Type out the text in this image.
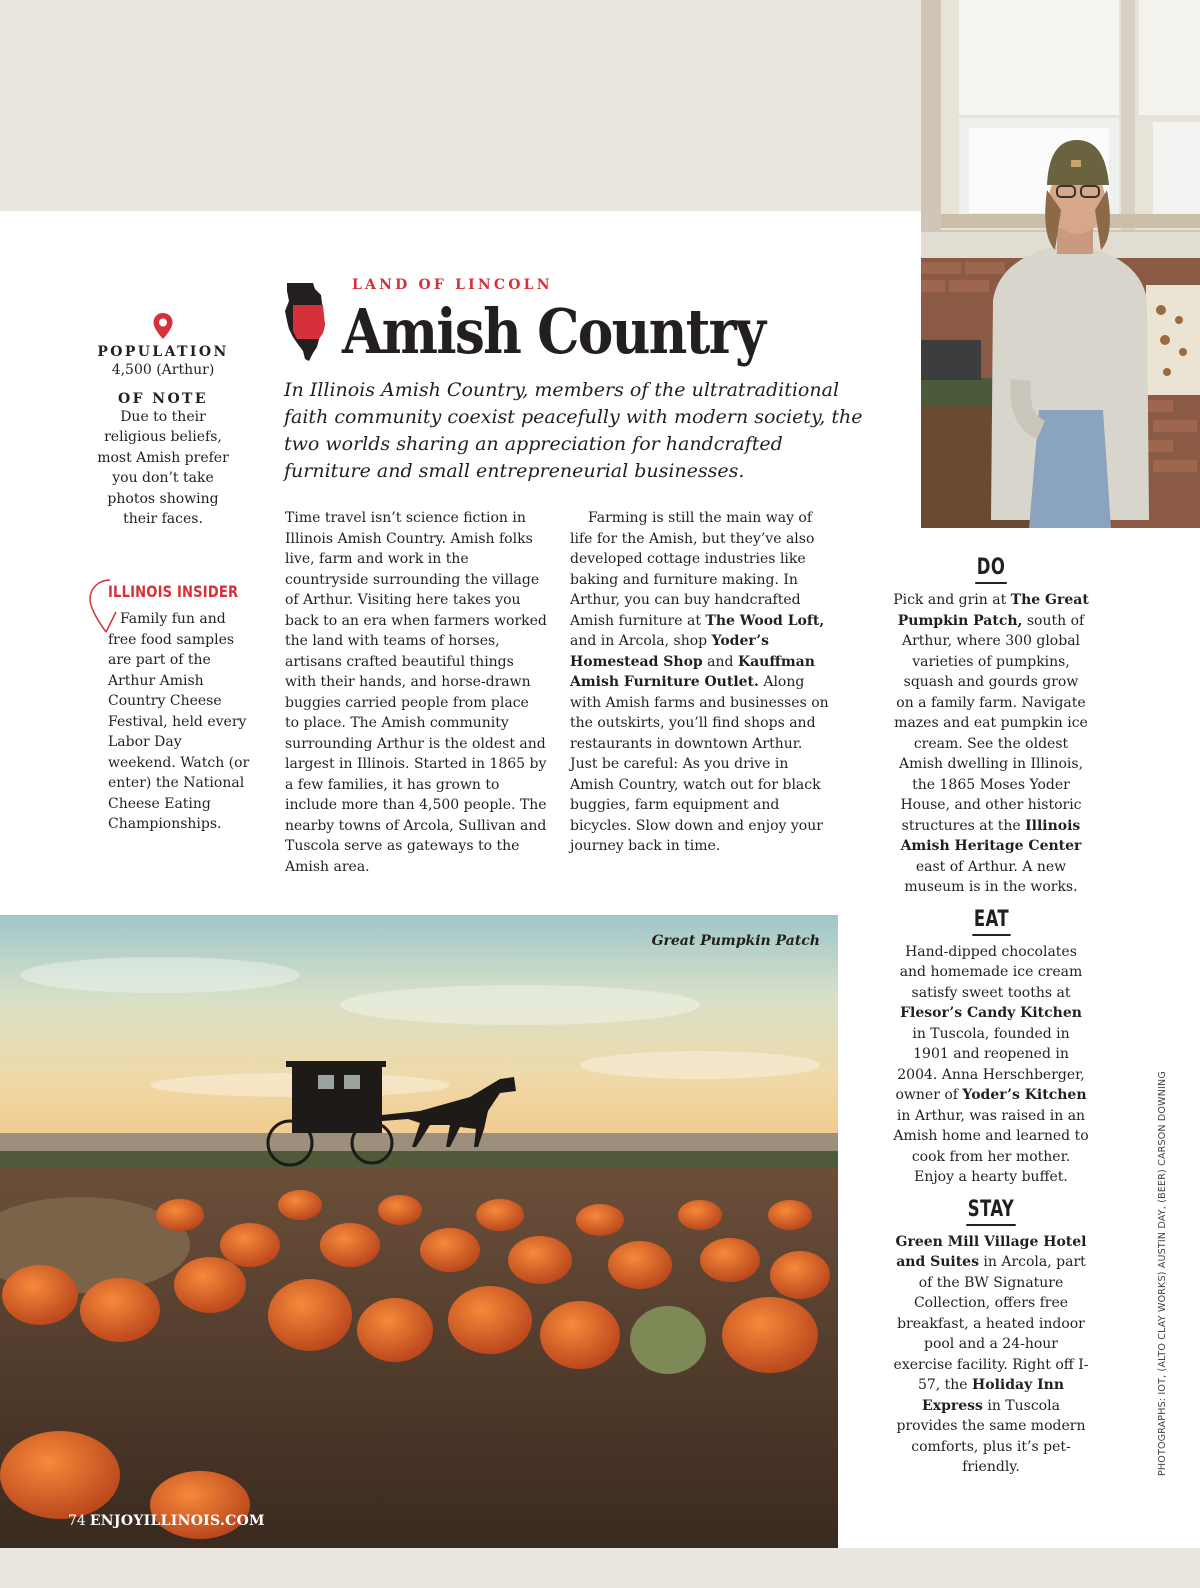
POPULATION
4,500 (Arthur)
OF NOTE
Due to their religious beliefs, most Amish prefer you don’t take photos showing their faces.
ILLINOIS INSIDER
Family fun and free food samples are part of the Arthur Amish Country Cheese Festival, held every Labor Day weekend. Watch (or enter) the National Cheese Eating Championships.
LAND OF LINCOLN
Amish Country

In Illinois Amish Country, members of the ultratraditional faith community coexist peacefully with modern society, the two worlds sharing an appreciation for handcrafted furniture and small entrepreneurial businesses.

Time travel isn’t science fiction in Illinois Amish Country. Amish folks live, farm and work in the countryside surrounding the village of Arthur. Visiting here takes you back to an era when farmers worked the land with teams of horses, artisans crafted beautiful things with their hands, and horse-drawn buggies carried people from place to place. The Amish community surrounding Arthur is the oldest and largest in Illinois. Started in 1865 by a few families, it has grown to include more than 4,500 people. The nearby towns of Arcola, Sullivan and Tuscola serve as gateways to the Amish area.
Farming is still the main way of life for the Amish, but they’ve also developed cottage industries like baking and furniture making. In Arthur, you can buy handcrafted Amish furniture at The Wood Loft, and in Arcola, shop Yoder’s Homestead Shop and Kauffman Amish Furniture Outlet. Along with Amish farms and businesses on the outskirts, you’ll find shops and restaurants in downtown Arthur. Just be careful: As you drive in Amish Country, watch out for black buggies, farm equipment and bicycles. Slow down and enjoy your journey back in time.
DO
Pick and grin at The Great Pumpkin Patch, south of Arthur, where 300 global varieties of pumpkins, squash and gourds grow on a family farm. Navigate mazes and eat pumpkin ice cream. See the oldest Amish dwelling in Illinois, the 1865 Moses Yoder House, and other historic structures at the Illinois Amish Heritage Center east of Arthur. A new museum is in the works.
EAT
Hand-dipped chocolates and homemade ice cream satisfy sweet tooths at Flesor’s Candy Kitchen in Tuscola, founded in 1901 and reopened in 2004. Anna Herschberger, owner of Yoder’s Kitchen in Arthur, was raised in an Amish home and learned to cook from her mother. Enjoy a hearty buffet.
STAY
Green Mill Village Hotel and Suites in Arcola, part of the BW Signature Collection, offers free breakfast, a heated indoor pool and a 24-hour exercise facility. Right off I-57, the Holiday Inn Express in Tuscola provides the same modern comforts, plus it’s pet-friendly.	PHOTOGRAPHS: IOT, (ALTO CLAY WORKS) AUSTIN DAY, (BEER) CARSON DOWNING
Great Pumpkin Patch
74 ENJOYILLINOIS.COM
